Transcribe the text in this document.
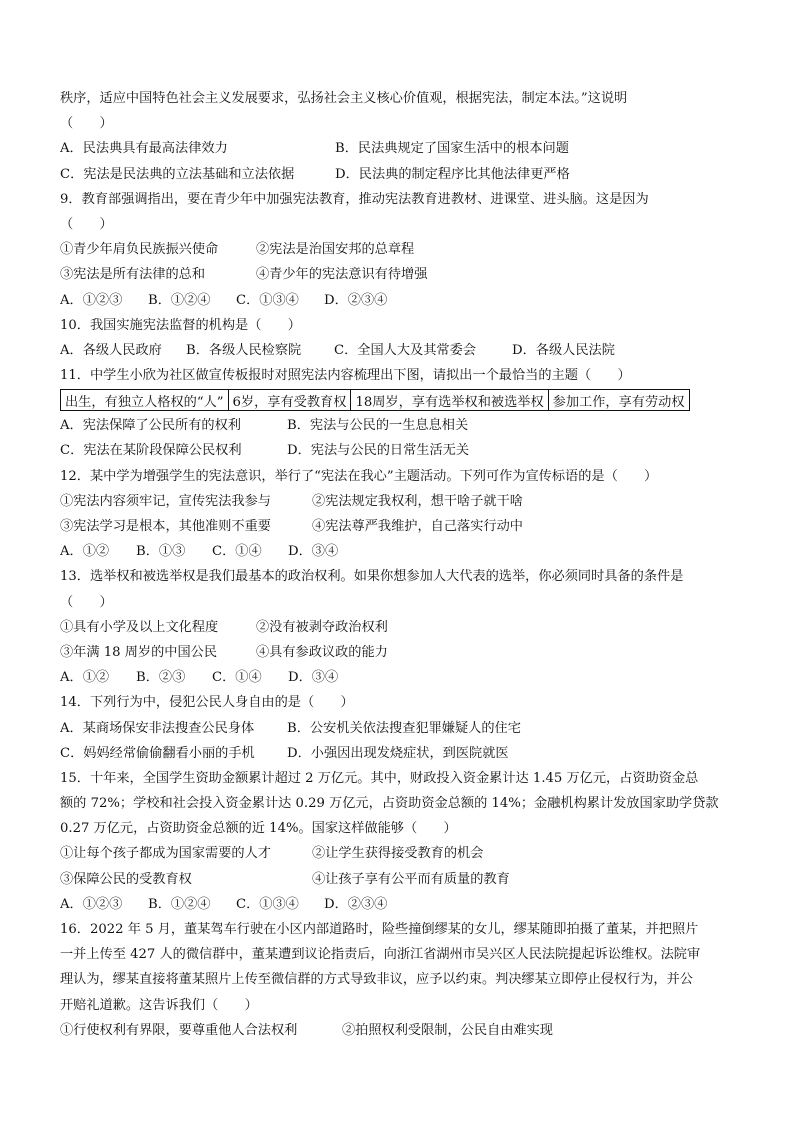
秩序，适应中国特色社会主义发展要求，弘扬社会主义核心价值观，根据宪法，制定本法。”这说明
（　　）
A．民法典具有最高法律效力	B．民法典规定了国家生活中的根本问题
C．宪法是民法典的立法基础和立法依据	D．民法典的制定程序比其他法律更严格
9．教育部强调指出，要在青少年中加强宪法教育，推动宪法教育进教材、进课堂、进头脑。这是因为
（　　）
①青少年肩负民族振兴使命	②宪法是治国安邦的总章程
③宪法是所有法律的总和	④青少年的宪法意识有待增强
A．①②③ B．①②④ C．①③④ D．②③④
10．我国实施宪法监督的机构是（　　）
A．各级人民政府 B．各级人民检察院 C．全国人大及其常委会	D．各级人民法院
11．中学生小欣为社区做宣传板报时对照宪法内容梳理出下图，请拟出一个最恰当的主题（　　）
出生，有独立人格权的“人”	6岁，享有受教育权	18周岁，享有选举权和被选举权	参加工作，享有劳动权
A．宪法保障了公民所有的权利	B．宪法与公民的一生息息相关
C．宪法在某阶段保障公民权利	D．宪法与公民的日常生活无关
12．某中学为增强学生的宪法意识，举行了“宪法在我心”主题活动。下列可作为宣传标语的是（　　）
①宪法内容须牢记，宣传宪法我参与	②宪法规定我权利，想干啥子就干啥
③宪法学习是根本，其他准则不重要	④宪法尊严我维护，自己落实行动中
A．①② B．①③ C．①④ D．③④
13．选举权和被选举权是我们最基本的政治权利。如果你想参加人大代表的选举，你必须同时具备的条件是
（　　）
①具有小学及以上文化程度	②没有被剥夺政治权利
③年满 18 周岁的中国公民	④具有参政议政的能力
A．①② B．②③ C．①④ D．③④
14．下列行为中，侵犯公民人身自由的是（　　）
A．某商场保安非法搜查公民身体 B．公安机关依法搜查犯罪嫌疑人的住宅
C．妈妈经常偷偷翻看小丽的手机 D．小强因出现发烧症状，到医院就医
15．十年来，全国学生资助金额累计超过 2 万亿元。其中，财政投入资金累计达 1.45 万亿元，占资助资金总
额的 72%；学校和社会投入资金累计达 0.29 万亿元，占资助资金总额的 14%；金融机构累计发放国家助学贷款
0.27 万亿元，占资助资金总额的近 14%。国家这样做能够（　　）
①让每个孩子都成为国家需要的人才	②让学生获得接受教育的机会
③保障公民的受教育权	④让孩子享有公平而有质量的教育
A．①②③ B．①②④ C．①③④ D．②③④
16．2022 年 5 月，董某驾车行驶在小区内部道路时，险些撞倒缪某的女儿，缪某随即拍摄了董某，并把照片
一并上传至 427 人的微信群中，董某遭到议论指责后，向浙江省湖州市吴兴区人民法院提起诉讼维权。法院审
理认为，缪某直接将董某照片上传至微信群的方式导致非议，应予以约束。判决缪某立即停止侵权行为，并公
开赔礼道歉。这告诉我们（　　）
①行使权利有界限，要尊重他人合法权利	②拍照权利受限制，公民自由难实现
